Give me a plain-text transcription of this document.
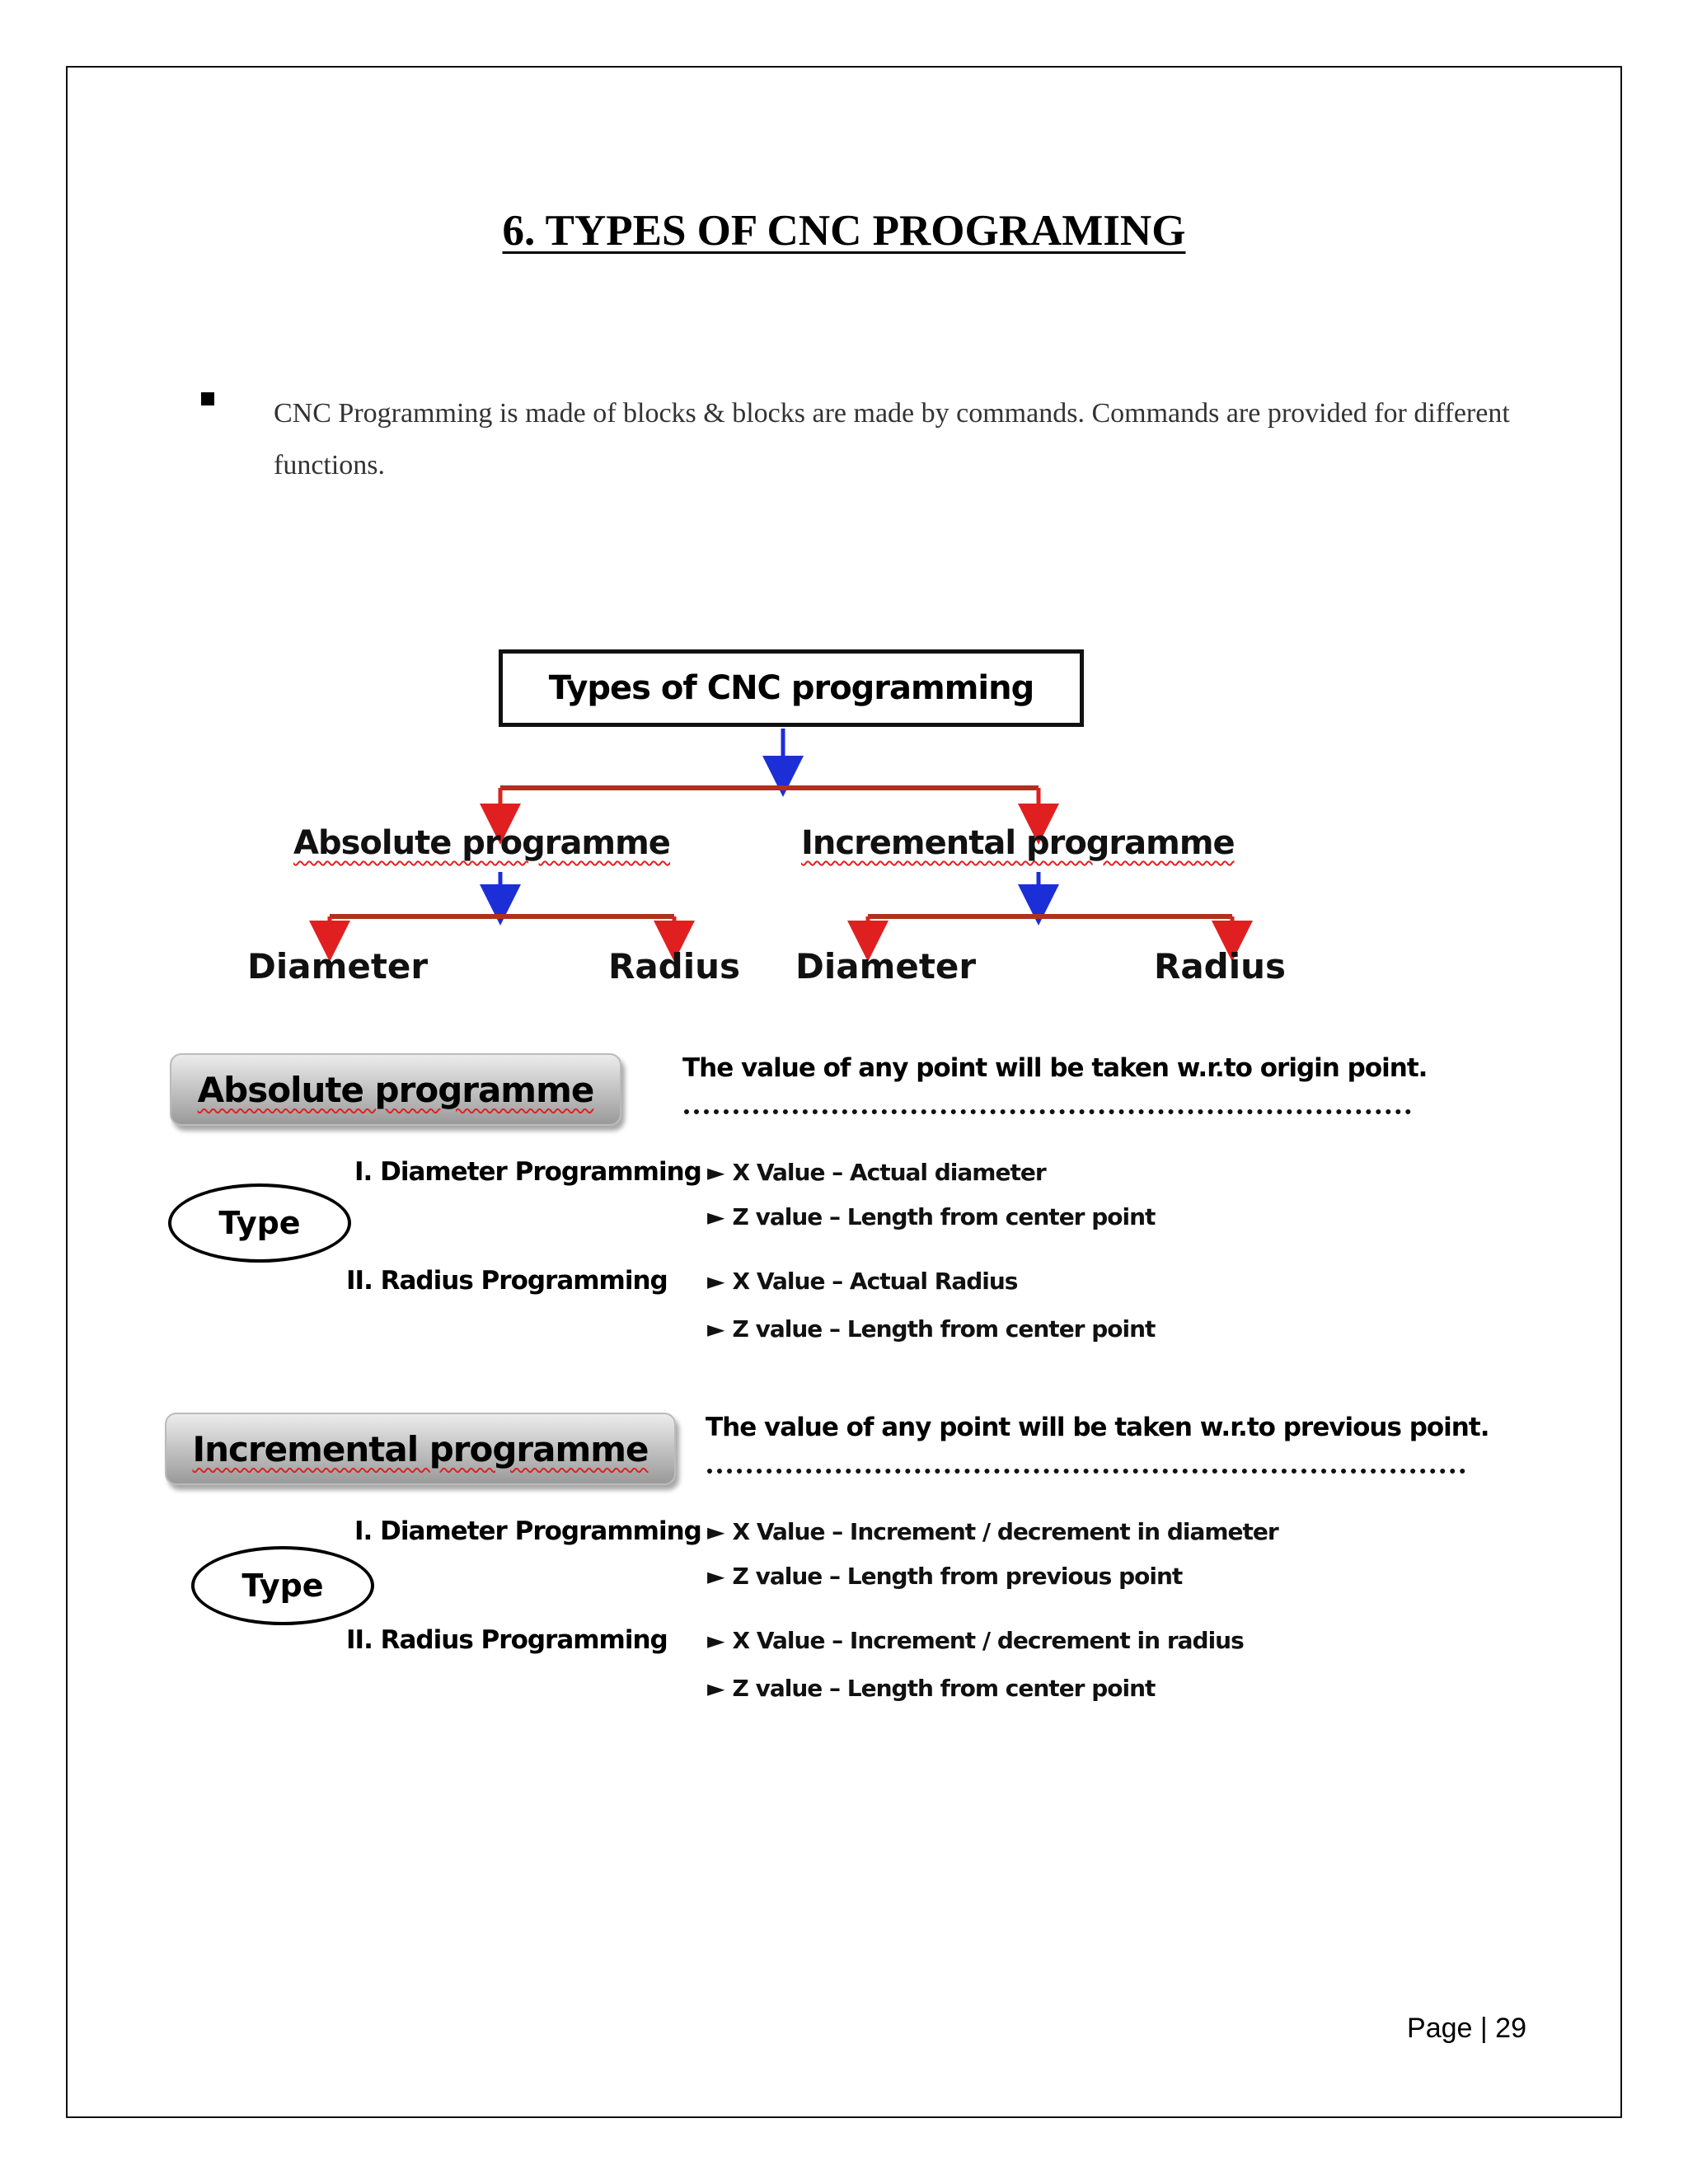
6. TYPES OF CNC PROGRAMING
CNC Programming is made of blocks & blocks are made by commands. Commands are provided for different functions.
Types of CNC programming
Absolute programme	Incremental programme
Diameter	Radius Diameter	Radius
Absolute programme
The value of any point will be taken w.r.to origin point.
Type
I. Diameter Programming ► X Value – Actual diameter
► Z value – Length from center point
II. Radius Programming ► X Value – Actual Radius
► Z value – Length from center point
Incremental programme
The value of any point will be taken w.r.to previous point.
Type
I. Diameter Programming ► X Value – Increment / decrement in diameter
► Z value – Length from previous point
II. Radius Programming ► X Value – Increment / decrement in radius
► Z value – Length from center point
Page | 29
